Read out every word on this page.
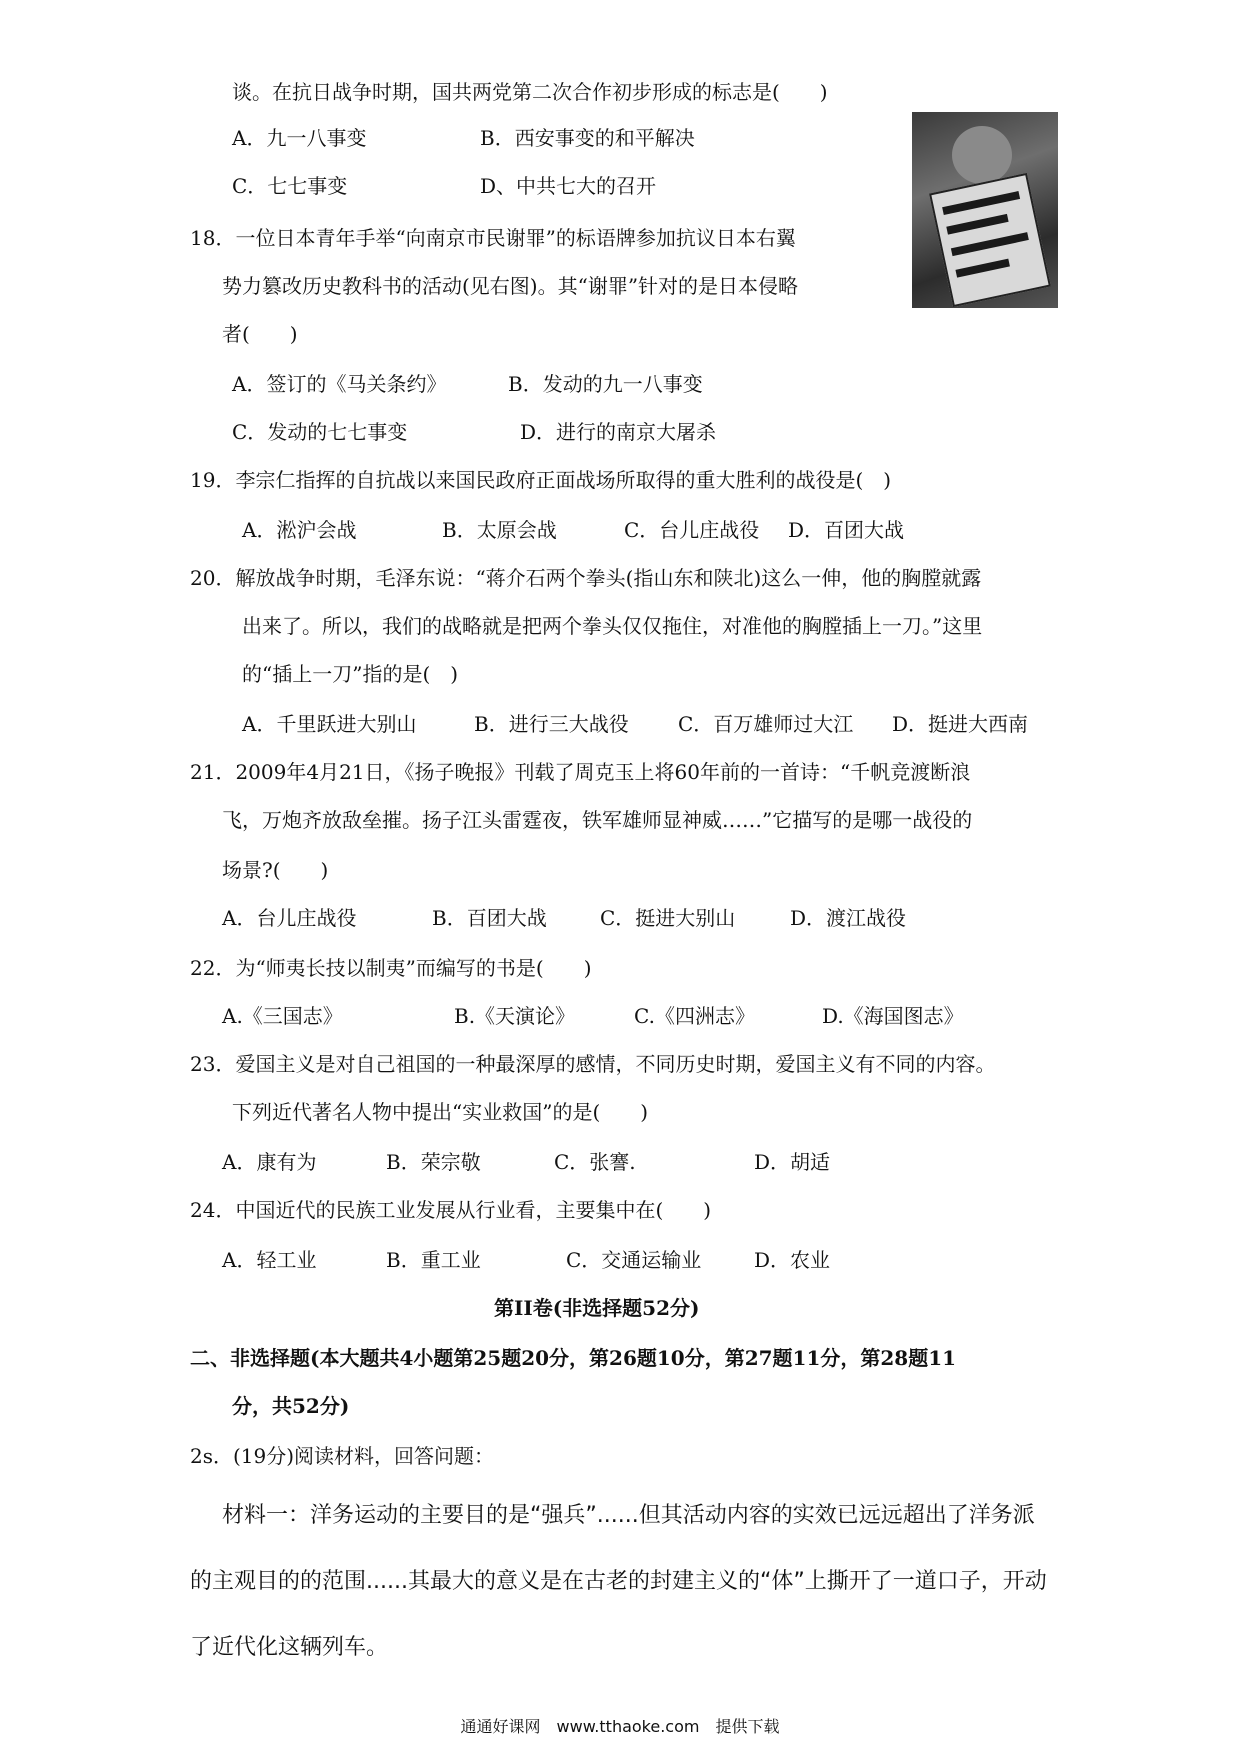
谈。在抗日战争时期，国共两党第二次合作初步形成的标志是(　　)
A．九一八事变	B．西安事变的和平解决
C．七七事变	D、中共七大的召开
18．一位日本青年手举“向南京市民谢罪”的标语牌参加抗议日本右翼
势力篡改历史教科书的活动(见右图)。其“谢罪”针对的是日本侵略
者(　　)
A．签订的《马关条约》	B．发动的九一八事变
C．发动的七七事变	D．进行的南京大屠杀
19．李宗仁指挥的自抗战以来国民政府正面战场所取得的重大胜利的战役是(　)
A．淞沪会战	B．太原会战	C．台儿庄战役 D．百团大战
20．解放战争时期，毛泽东说：“蒋介石两个拳头(指山东和陕北)这么一伸，他的胸膛就露
出来了。所以，我们的战略就是把两个拳头仅仅拖住，对准他的胸膛插上一刀。”这里
的“插上一刀”指的是(　)
A．千里跃进大别山	B．进行三大战役 C．百万雄师过大江 D．挺进大西南
21．2009年4月21日，《扬子晚报》刊载了周克玉上将60年前的一首诗：“千帆竞渡断浪
飞，万炮齐放敌垒摧。扬子江头雷霆夜，铁军雄师显神威……”它描写的是哪一战役的
场景?(　　)
A．台儿庄战役	B．百团大战	C．挺进大别山	D．渡江战役
22．为“师夷长技以制夷”而编写的书是(　　)
A.《三国志》	B.《天演论》	C.《四洲志》	D.《海国图志》
23．爱国主义是对自己祖国的一种最深厚的感情，不同历史时期，爱国主义有不同的内容。
下列近代著名人物中提出“实业救国”的是(　　)
A．康有为	B．荣宗敬	C．张謇.	D．胡适
24．中国近代的民族工业发展从行业看，主要集中在(　　)
A．轻工业	B．重工业	C．交通运输业	D．农业
第II卷(非选择题52分)
二、非选择题(本大题共4小题第25题20分，第26题10分，第27题11分，第28题11
分，共52分)
2s．(19分)阅读材料，回答问题：
材料一：洋务运动的主要目的是“强兵”......但其活动内容的实效已远远超出了洋务派
的主观目的的范围......其最大的意义是在古老的封建主义的“体”上撕开了一道口子，开动
了近代化这辆列车。
通通好课网　www.tthaoke.com　提供下载
